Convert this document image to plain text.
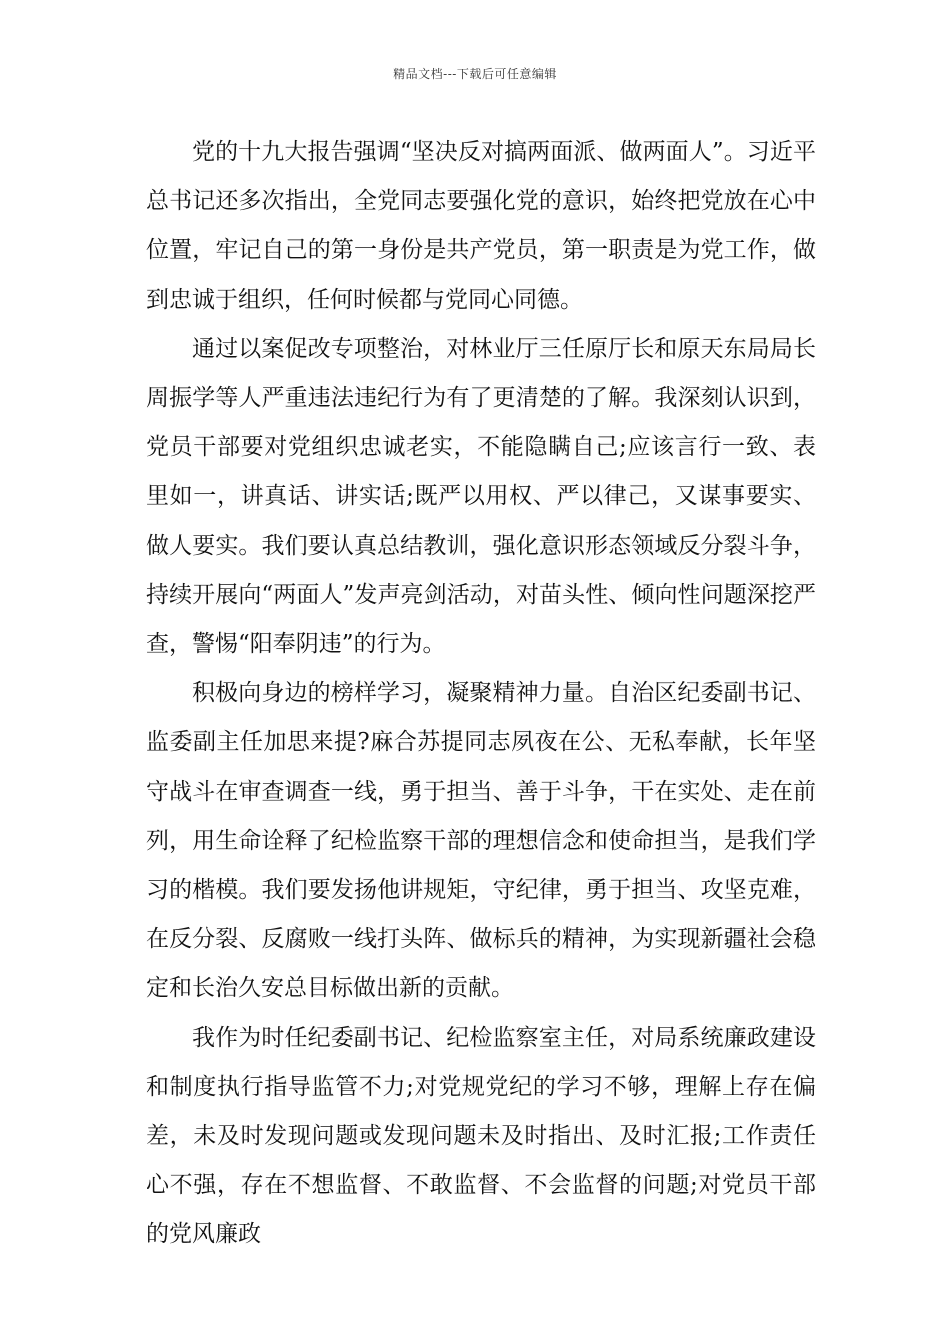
精品文档---下载后可任意编辑

党的十九大报告强调“坚决反对搞两面派、做两面人”。习近平总书记还多次指出，全党同志要强化党的意识，始终把党放在心中位置，牢记自己的第一身份是共产党员，第一职责是为党工作，做到忠诚于组织，任何时候都与党同心同德。

通过以案促改专项整治，对林业厅三任原厅长和原天东局局长周振学等人严重违法违纪行为有了更清楚的了解。我深刻认识到，党员干部要对党组织忠诚老实，不能隐瞒自己;应该言行一致、表里如一，讲真话、讲实话;既严以用权、严以律己，又谋事要实、做人要实。我们要认真总结教训，强化意识形态领域反分裂斗争，持续开展向“两面人”发声亮剑活动，对苗头性、倾向性问题深挖严查，警惕“阳奉阴违”的行为。

积极向身边的榜样学习，凝聚精神力量。自治区纪委副书记、监委副主任加思来提?麻合苏提同志夙夜在公、无私奉献，长年坚守战斗在审查调查一线，勇于担当、善于斗争，干在实处、走在前列，用生命诠释了纪检监察干部的理想信念和使命担当，是我们学习的楷模。我们要发扬他讲规矩，守纪律，勇于担当、攻坚克难，在反分裂、反腐败一线打头阵、做标兵的精神，为实现新疆社会稳定和长治久安总目标做出新的贡献。

我作为时任纪委副书记、纪检监察室主任，对局系统廉政建设和制度执行指导监管不力;对党规党纪的学习不够，理解上存在偏差，未及时发现问题或发现问题未及时指出、及时汇报;工作责任心不强，存在不想监督、不敢监督、不会监督的问题;对党员干部的党风廉政
